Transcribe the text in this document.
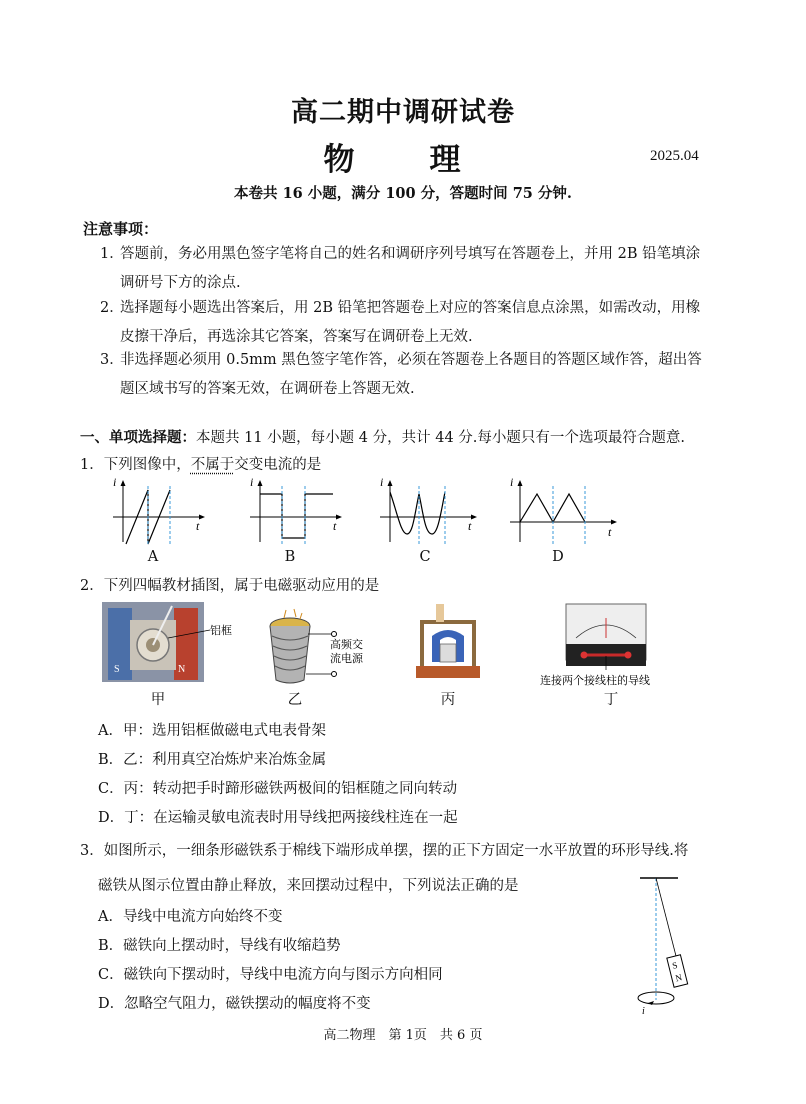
高二期中调研试卷
物　理	2025.04
本卷共 16 小题，满分 100 分，答题时间 75 分钟.
注意事项：
1．答题前，务必用黑色签字笔将自己的姓名和调研序列号填写在答题卷上，并用 2B 铅笔填涂
调研号下方的涂点.
2．选择题每小题选出答案后，用 2B 铅笔把答题卷上对应的答案信息点涂黑，如需改动，用橡
皮擦干净后，再选涂其它答案，答案写在调研卷上无效.
3．非选择题必须用 0.5mm 黑色签字笔作答，必须在答题卷上各题目的答题区域作答，超出答
题区域书写的答案无效，在调研卷上答题无效.
一、单项选择题：本题共 11 小题，每小题 4 分，共计 44 分.每小题只有一个选项最符合题意.
1．下列图像中，不属于交变电流的是
i
t
i
t
i
t
i
t
A	B	C	D
2．下列四幅教材插图，属于电磁驱动应用的是
S	N
铝框
高频交
流电源
连接两个接线柱的导线
甲	乙	丙	丁
A．甲：选用铝框做磁电式电表骨架
B．乙：利用真空冶炼炉来冶炼金属
C．丙：转动把手时蹄形磁铁两极间的铝框随之同向转动
D．丁：在运输灵敏电流表时用导线把两接线柱连在一起
3．如图所示，一细条形磁铁系于棉线下端形成单摆，摆的正下方固定一水平放置的环形导线.将
磁铁从图示位置由静止释放，来回摆动过程中，下列说法正确的是
A．导线中电流方向始终不变
B．磁铁向上摆动时，导线有收缩趋势
C．磁铁向下摆动时，导线中电流方向与图示方向相同
D．忽略空气阻力，磁铁摆动的幅度将不变
S
N
i
高二物理　第 1页　共 6 页
